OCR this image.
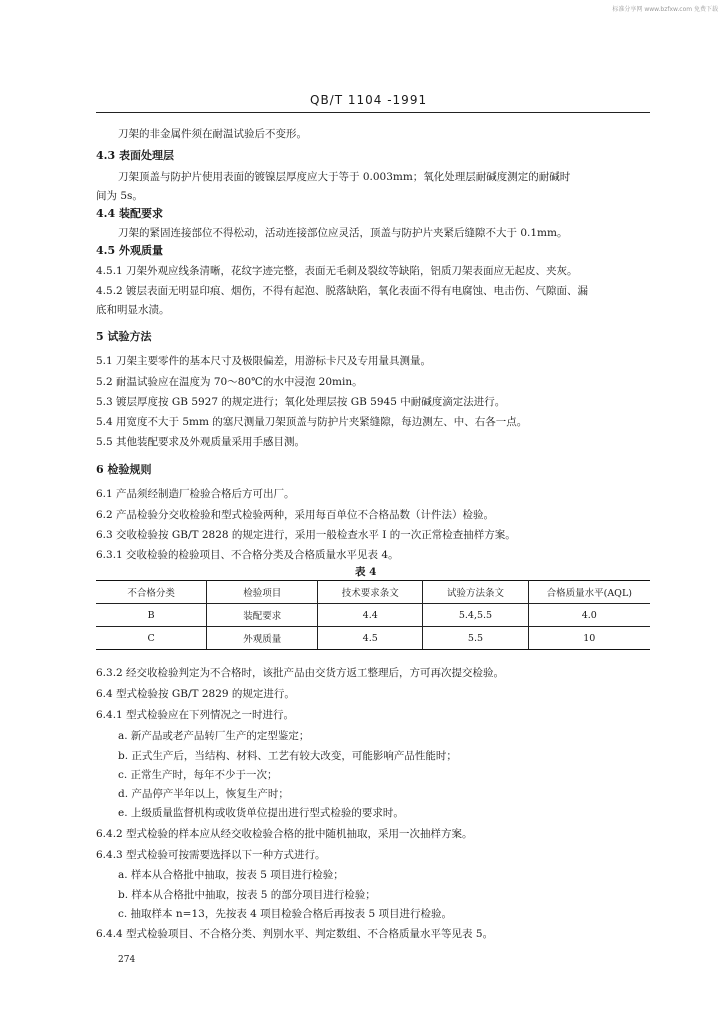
标准分享网 www.bzfxw.com 免费下载
QB/T 1104 -1991
刀架的非金属件须在耐温试验后不变形。
4.3 表面处理层
刀架顶盖与防护片使用表面的镀镍层厚度应大于等于 0.003mm；氧化处理层耐碱度测定的耐碱时
间为 5s。
4.4 装配要求
刀架的紧固连接部位不得松动，活动连接部位应灵活，顶盖与防护片夹紧后缝隙不大于 0.1mm。
4.5 外观质量
4.5.1 刀架外观应线条清晰，花纹字迹完整，表面无毛刺及裂纹等缺陷，铝质刀架表面应无起皮、夹灰。
4.5.2 镀层表面无明显印痕、烟伤，不得有起泡、脱落缺陷，氧化表面不得有电腐蚀、电击伤、气隙面、漏
底和明显水渍。
5 试验方法
5.1 刀架主要零件的基本尺寸及极限偏差，用游标卡尺及专用量具测量。
5.2 耐温试验应在温度为 70～80℃的水中浸泡 20min。
5.3 镀层厚度按 GB 5927 的规定进行；氧化处理层按 GB 5945 中耐碱度滴定法进行。
5.4 用宽度不大于 5mm 的塞尺测量刀架顶盖与防护片夹紧缝隙，每边测左、中、右各一点。
5.5 其他装配要求及外观质量采用手感目测。
6 检验规则
6.1 产品须经制造厂检验合格后方可出厂。
6.2 产品检验分交收检验和型式检验两种，采用每百单位不合格品数（计件法）检验。
6.3 交收检验按 GB/T 2828 的规定进行，采用一般检查水平 Ⅰ 的一次正常检查抽样方案。
6.3.1 交收检验的检验项目、不合格分类及合格质量水平见表 4。
表 4
不合格分类	检验项目	技术要求条文	试验方法条文	合格质量水平(AQL)
B	装配要求	4.4	5.4,5.5	4.0
C	外观质量	4.5	5.5	10
6.3.2 经交收检验判定为不合格时，该批产品由交货方返工整理后，方可再次提交检验。
6.4 型式检验按 GB/T 2829 的规定进行。
6.4.1 型式检验应在下列情况之一时进行。
a. 新产品或老产品转厂生产的定型鉴定；
b. 正式生产后，当结构、材料、工艺有较大改变，可能影响产品性能时；
c. 正常生产时，每年不少于一次；
d. 产品停产半年以上，恢复生产时；
e. 上级质量监督机构或收货单位提出进行型式检验的要求时。
6.4.2 型式检验的样本应从经交收检验合格的批中随机抽取，采用一次抽样方案。
6.4.3 型式检验可按需要选择以下一种方式进行。
a. 样本从合格批中抽取，按表 5 项目进行检验；
b. 样本从合格批中抽取，按表 5 的部分项目进行检验；
c. 抽取样本 n=13，先按表 4 项目检验合格后再按表 5 项目进行检验。
6.4.4 型式检验项目、不合格分类、判别水平、判定数组、不合格质量水平等见表 5。
274
